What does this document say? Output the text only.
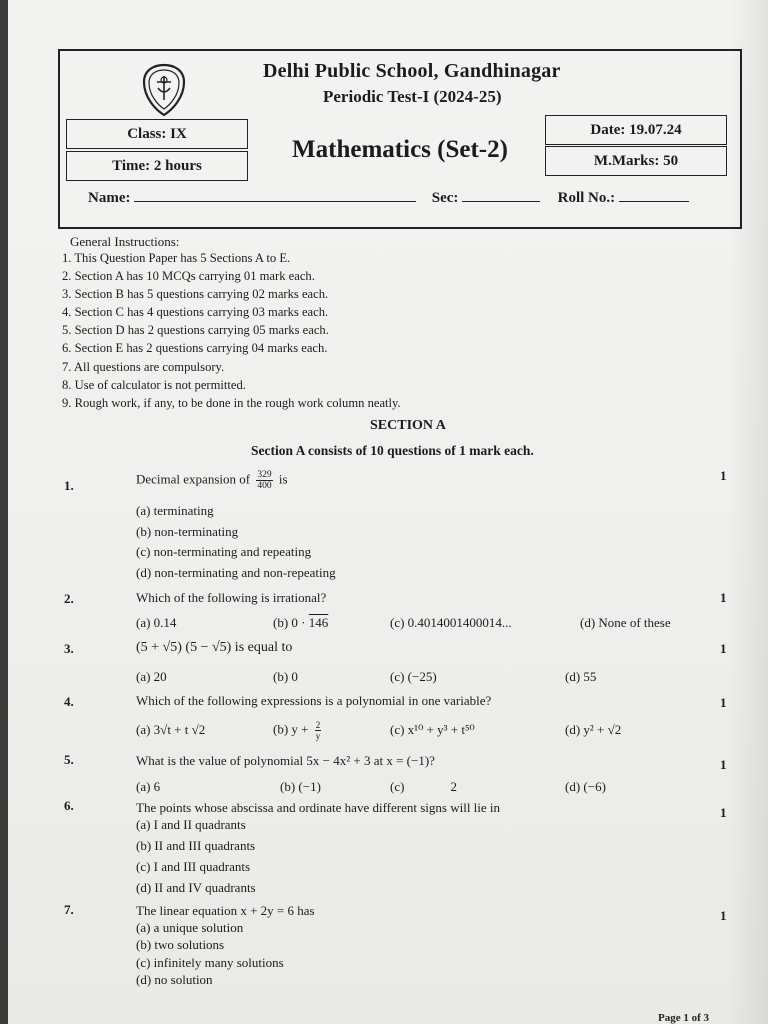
Delhi Public School, Gandhinagar
Periodic Test-I (2024-25)
Class: IX
Time: 2 hours
Mathematics (Set-2)
Date: 19.07.24
M.Marks: 50
Name:	Sec:	Roll No.:
General Instructions:
1. This Question Paper has 5 Sections A to E.
2. Section A has 10 MCQs carrying 01 mark each.
3. Section B has 5 questions carrying 02 marks each.
4. Section C has 4 questions carrying 03 marks each.
5. Section D has 2 questions carrying 05 marks each.
6. Section E has 2 questions carrying 04 marks each.
7. All questions are compulsory.
8. Use of calculator is not permitted.
9. Rough work, if any, to be done in the rough work column neatly.
SECTION A
Section A consists of 10 questions of 1 mark each.
1.	Decimal expansion of $\frac{329}{400}$ is	1
(a) terminating
(b) non-terminating
(c) non-terminating and repeating
(d) non-terminating and non-repeating
2.	Which of the following is irrational?	1
(a) 0.14	(b) 0 · 146	(c) 0.4014001400014...	(d) None of these
3.	(5 + √5) (5 − √5) is equal to	1
(a) 20	(b) 0	(c) (−25)	(d) 55
4.	Which of the following expressions is a polynomial in one variable?	1
(a) 3√t + t √2	(b) $y + \frac{2}{y}$	(c) x¹⁰ + y³ + t⁵⁰	(d) y² + √2
5.	What is the value of polynomial 5x − 4x² + 3 at x = (−1)?	1
(a) 6	(b) (−1)	(c)	2	(d) (−6)
6.	The points whose abscissa and ordinate have different signs will lie in	1
(a) I and II quadrants
(b) II and III quadrants
(c) I and III quadrants
(d) II and IV quadrants
7.	The linear equation x + 2y = 6 has	1
(a) a unique solution
(b) two solutions
(c) infinitely many solutions
(d) no solution
Page 1 of 3
